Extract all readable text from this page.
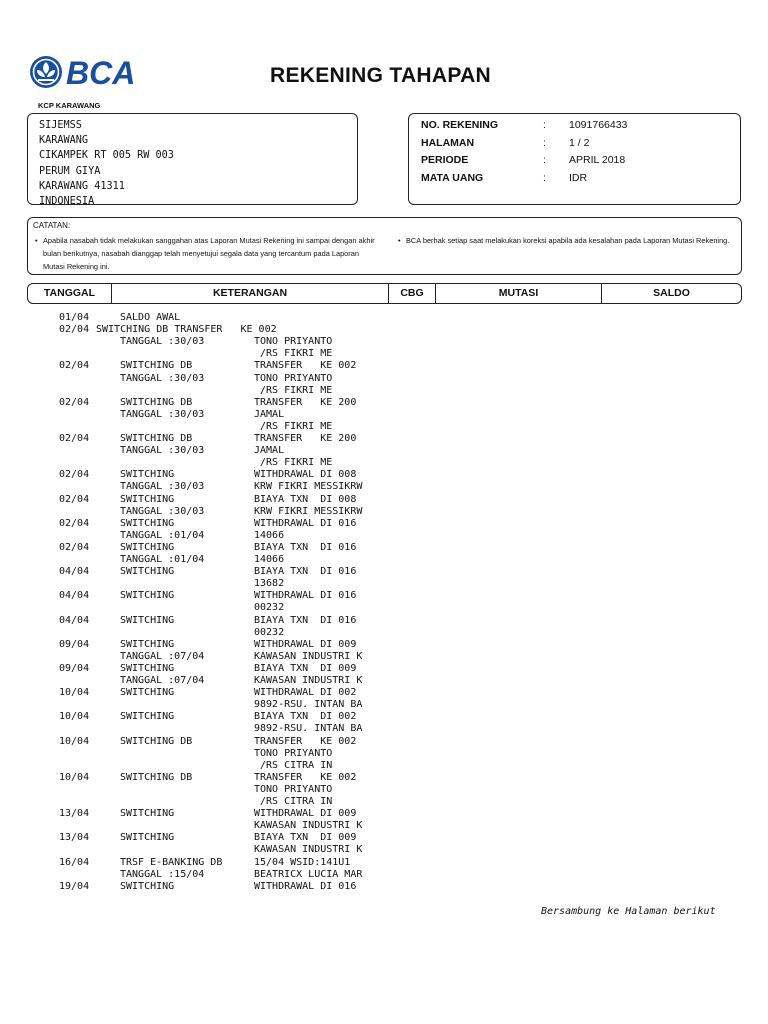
BCA	REKENING TAHAPAN
KCP KARAWANG
SIJEMSS
KARAWANG
CIKAMPEK RT 005 RW 003
PERUM GIYA
KARAWANG 41311
INDONESIA
NO. REKENING	: 1091766433
HALAMAN	: 1 / 2
PERIODE	: APRIL 2018
MATA UANG	: IDR
CATATAN:
• Apabila nasabah tidak melakukan sanggahan atas Laporan Mutasi Rekening ini sampai dengan akhir bulan berikutnya, nasabah dianggap telah menyetujui segala data yang tercantum pada Laporan Mutasi Rekening ini.
• BCA berhak setiap saat melakukan koreksi apabila ada kesalahan pada Laporan Mutasi Rekening.
TANGGAL	KETERANGAN	CBG	MUTASI	SALDO
01/04	SALDO AWAL
02/04 SWITCHING DB TRANSFER   KE 002
TANGGAL :30/03	TONO PRIYANTO
/RS FIKRI ME
02/04	SWITCHING DB	TRANSFER   KE 002
TANGGAL :30/03	TONO PRIYANTO
/RS FIKRI ME
02/04	SWITCHING DB	TRANSFER   KE 200
TANGGAL :30/03	JAMAL
/RS FIKRI ME
02/04	SWITCHING DB	TRANSFER   KE 200
TANGGAL :30/03	JAMAL
/RS FIKRI ME
02/04	SWITCHING	WITHDRAWAL DI 008
TANGGAL :30/03	KRW FIKRI MESSIKRW
02/04	SWITCHING	BIAYA TXN  DI 008
TANGGAL :30/03	KRW FIKRI MESSIKRW
02/04	SWITCHING	WITHDRAWAL DI 016
TANGGAL :01/04	14066
02/04	SWITCHING	BIAYA TXN  DI 016
TANGGAL :01/04	14066
04/04	SWITCHING	BIAYA TXN  DI 016
13682
04/04	SWITCHING	WITHDRAWAL DI 016
00232
04/04	SWITCHING	BIAYA TXN  DI 016
00232
09/04	SWITCHING	WITHDRAWAL DI 009
TANGGAL :07/04	KAWASAN INDUSTRI K
09/04	SWITCHING	BIAYA TXN  DI 009
TANGGAL :07/04	KAWASAN INDUSTRI K
10/04	SWITCHING	WITHDRAWAL DI 002
9892-RSU. INTAN BA
10/04	SWITCHING	BIAYA TXN  DI 002
9892-RSU. INTAN BA
10/04	SWITCHING DB	TRANSFER   KE 002
TONO PRIYANTO
/RS CITRA IN
10/04	SWITCHING DB	TRANSFER   KE 002
TONO PRIYANTO
/RS CITRA IN
13/04	SWITCHING	WITHDRAWAL DI 009
KAWASAN INDUSTRI K
13/04	SWITCHING	BIAYA TXN  DI 009
KAWASAN INDUSTRI K
16/04	TRSF E-BANKING DB	15/04 WSID:141U1
TANGGAL :15/04	BEATRICX LUCIA MAR
19/04	SWITCHING	WITHDRAWAL DI 016
Bersambung ke Halaman berikut
